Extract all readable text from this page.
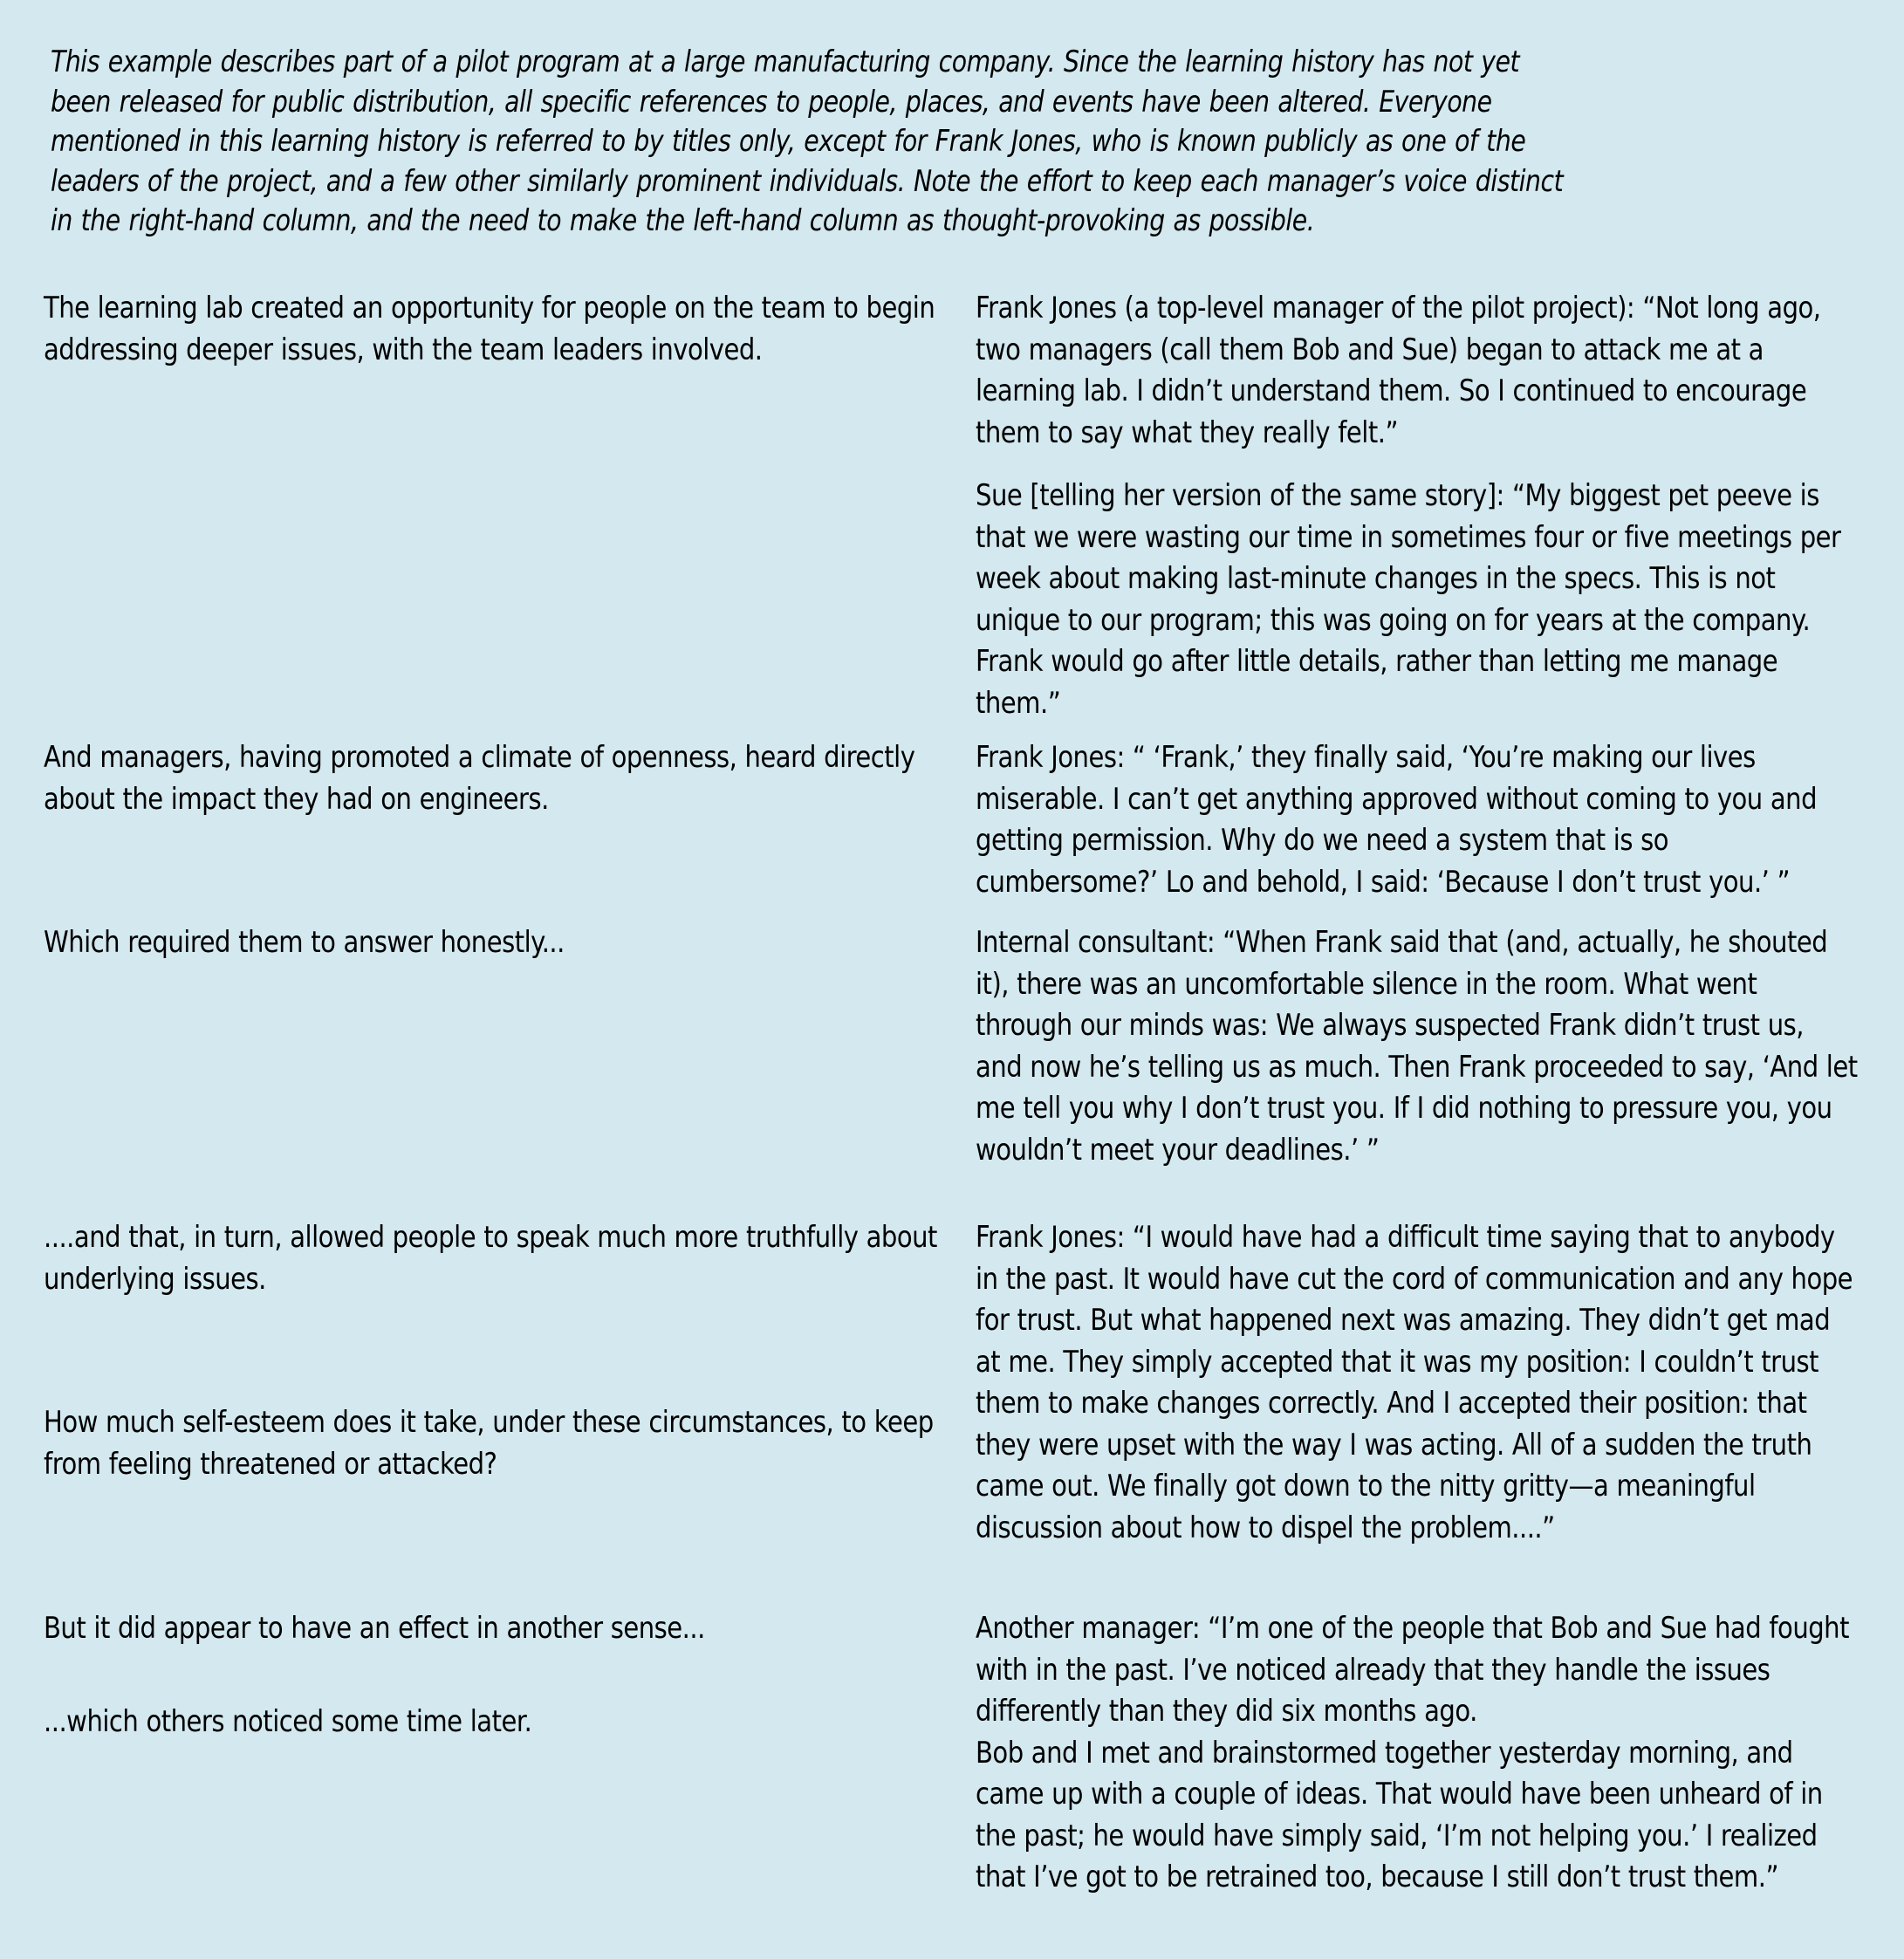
This example describes part of a pilot program at a large manufacturing company. Since the learning history has not yet been released for public distribution, all specific references to people, places, and events have been altered. Everyone mentioned in this learning history is referred to by titles only, except for Frank Jones, who is known publicly as one of the leaders of the project, and a few other similarly prominent individuals. Note the effort to keep each manager’s voice distinct in the right-hand column, and the need to make the left-hand column as thought-provoking as possible.

The learning lab created an opportunity for people on the team to begin addressing deeper issues, with the team leaders involved.

And managers, having promoted a climate of openness, heard directly about the impact they had on engineers.

Which required them to answer honestly...

....and that, in turn, allowed people to speak much more truthfully about underlying issues.

How much self-esteem does it take, under these circumstances, to keep from feeling threatened or attacked?

But it did appear to have an effect in another sense...

...which others noticed some time later.

Frank Jones (a top-level manager of the pilot project): “Not long ago, two managers (call them Bob and Sue) began to attack me at a learning lab. I didn’t understand them. So I continued to encourage them to say what they really felt.”

Sue [telling her version of the same story]: “My biggest pet peeve is that we were wasting our time in sometimes four or five meetings per week about making last-minute changes in the specs. This is not unique to our program; this was going on for years at the company. Frank would go after little details, rather than letting me manage them.”

Frank Jones: “ ‘Frank,’ they finally said, ‘You’re making our lives miserable. I can’t get anything approved without coming to you and getting permission. Why do we need a system that is so cumbersome?’ Lo and behold, I said: ‘Because I don’t trust you.’ ”

Internal consultant: “When Frank said that (and, actually, he shouted it), there was an uncomfortable silence in the room. What went through our minds was: We always suspected Frank didn’t trust us, and now he’s telling us as much. Then Frank proceeded to say, ‘And let me tell you why I don’t trust you. If I did nothing to pressure you, you wouldn’t meet your deadlines.’ ”

Frank Jones: “I would have had a difficult time saying that to anybody in the past. It would have cut the cord of communication and any hope for trust. But what happened next was amazing. They didn’t get mad at me. They simply accepted that it was my position: I couldn’t trust them to make changes correctly. And I accepted their position: that they were upset with the way I was acting. All of a sudden the truth came out. We finally got down to the nitty gritty—a meaningful discussion about how to dispel the problem....”

Another manager: “I’m one of the people that Bob and Sue had fought with in the past. I’ve noticed already that they handle the issues differently than they did six months ago.
Bob and I met and brainstormed together yesterday morning, and came up with a couple of ideas. That would have been unheard of in the past; he would have simply said, ‘I’m not helping you.’ I realized that I’ve got to be retrained too, because I still don’t trust them.”
